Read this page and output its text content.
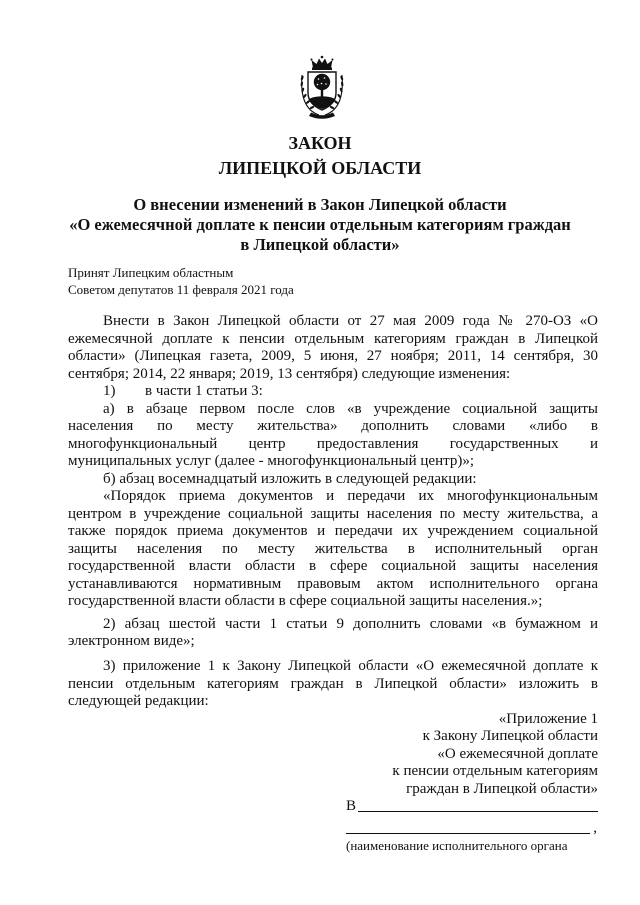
ЗАКОН
ЛИПЕЦКОЙ ОБЛАСТИ
О внесении изменений в Закон Липецкой области
«О ежемесячной доплате к пенсии отдельным категориям граждан
в Липецкой области»
Принят Липецким областным
Советом депутатов 11 февраля 2021 года
Внести в Закон Липецкой области от 27 мая 2009 года № 270-ОЗ «О
ежемесячной доплате к пенсии отдельным категориям граждан в Липецкой
области» (Липецкая газета, 2009, 5 июня, 27 ноября; 2011, 14 сентября, 30
сентября; 2014, 22 января; 2019, 13 сентября) следующие изменения:
1) в части 1 статьи 3:
а) в абзаце первом после слов «в учреждение социальной защиты
населения по месту жительства» дополнить словами «либо в
многофункциональный центр предоставления государственных и
муниципальных услуг (далее - многофункциональный центр)»;
б) абзац восемнадцатый изложить в следующей редакции:
«Порядок приема документов и передачи их многофункциональным
центром в учреждение социальной защиты населения по месту жительства, а
также порядок приема документов и передачи их учреждением социальной
защиты населения по месту жительства в исполнительный орган
государственной власти области в сфере социальной защиты населения
устанавливаются нормативным правовым актом исполнительного органа
государственной власти области в сфере социальной защиты населения.»;
2) абзац шестой части 1 статьи 9 дополнить словами «в бумажном и
электронном виде»;
3) приложение 1 к Закону Липецкой области «О ежемесячной доплате к
пенсии отдельным категориям граждан в Липецкой области» изложить в
следующей редакции:
«Приложение 1
к Закону Липецкой области
«О ежемесячной доплате
к пенсии отдельным категориям
граждан в Липецкой области»
В
,
(наименование исполнительного органа
